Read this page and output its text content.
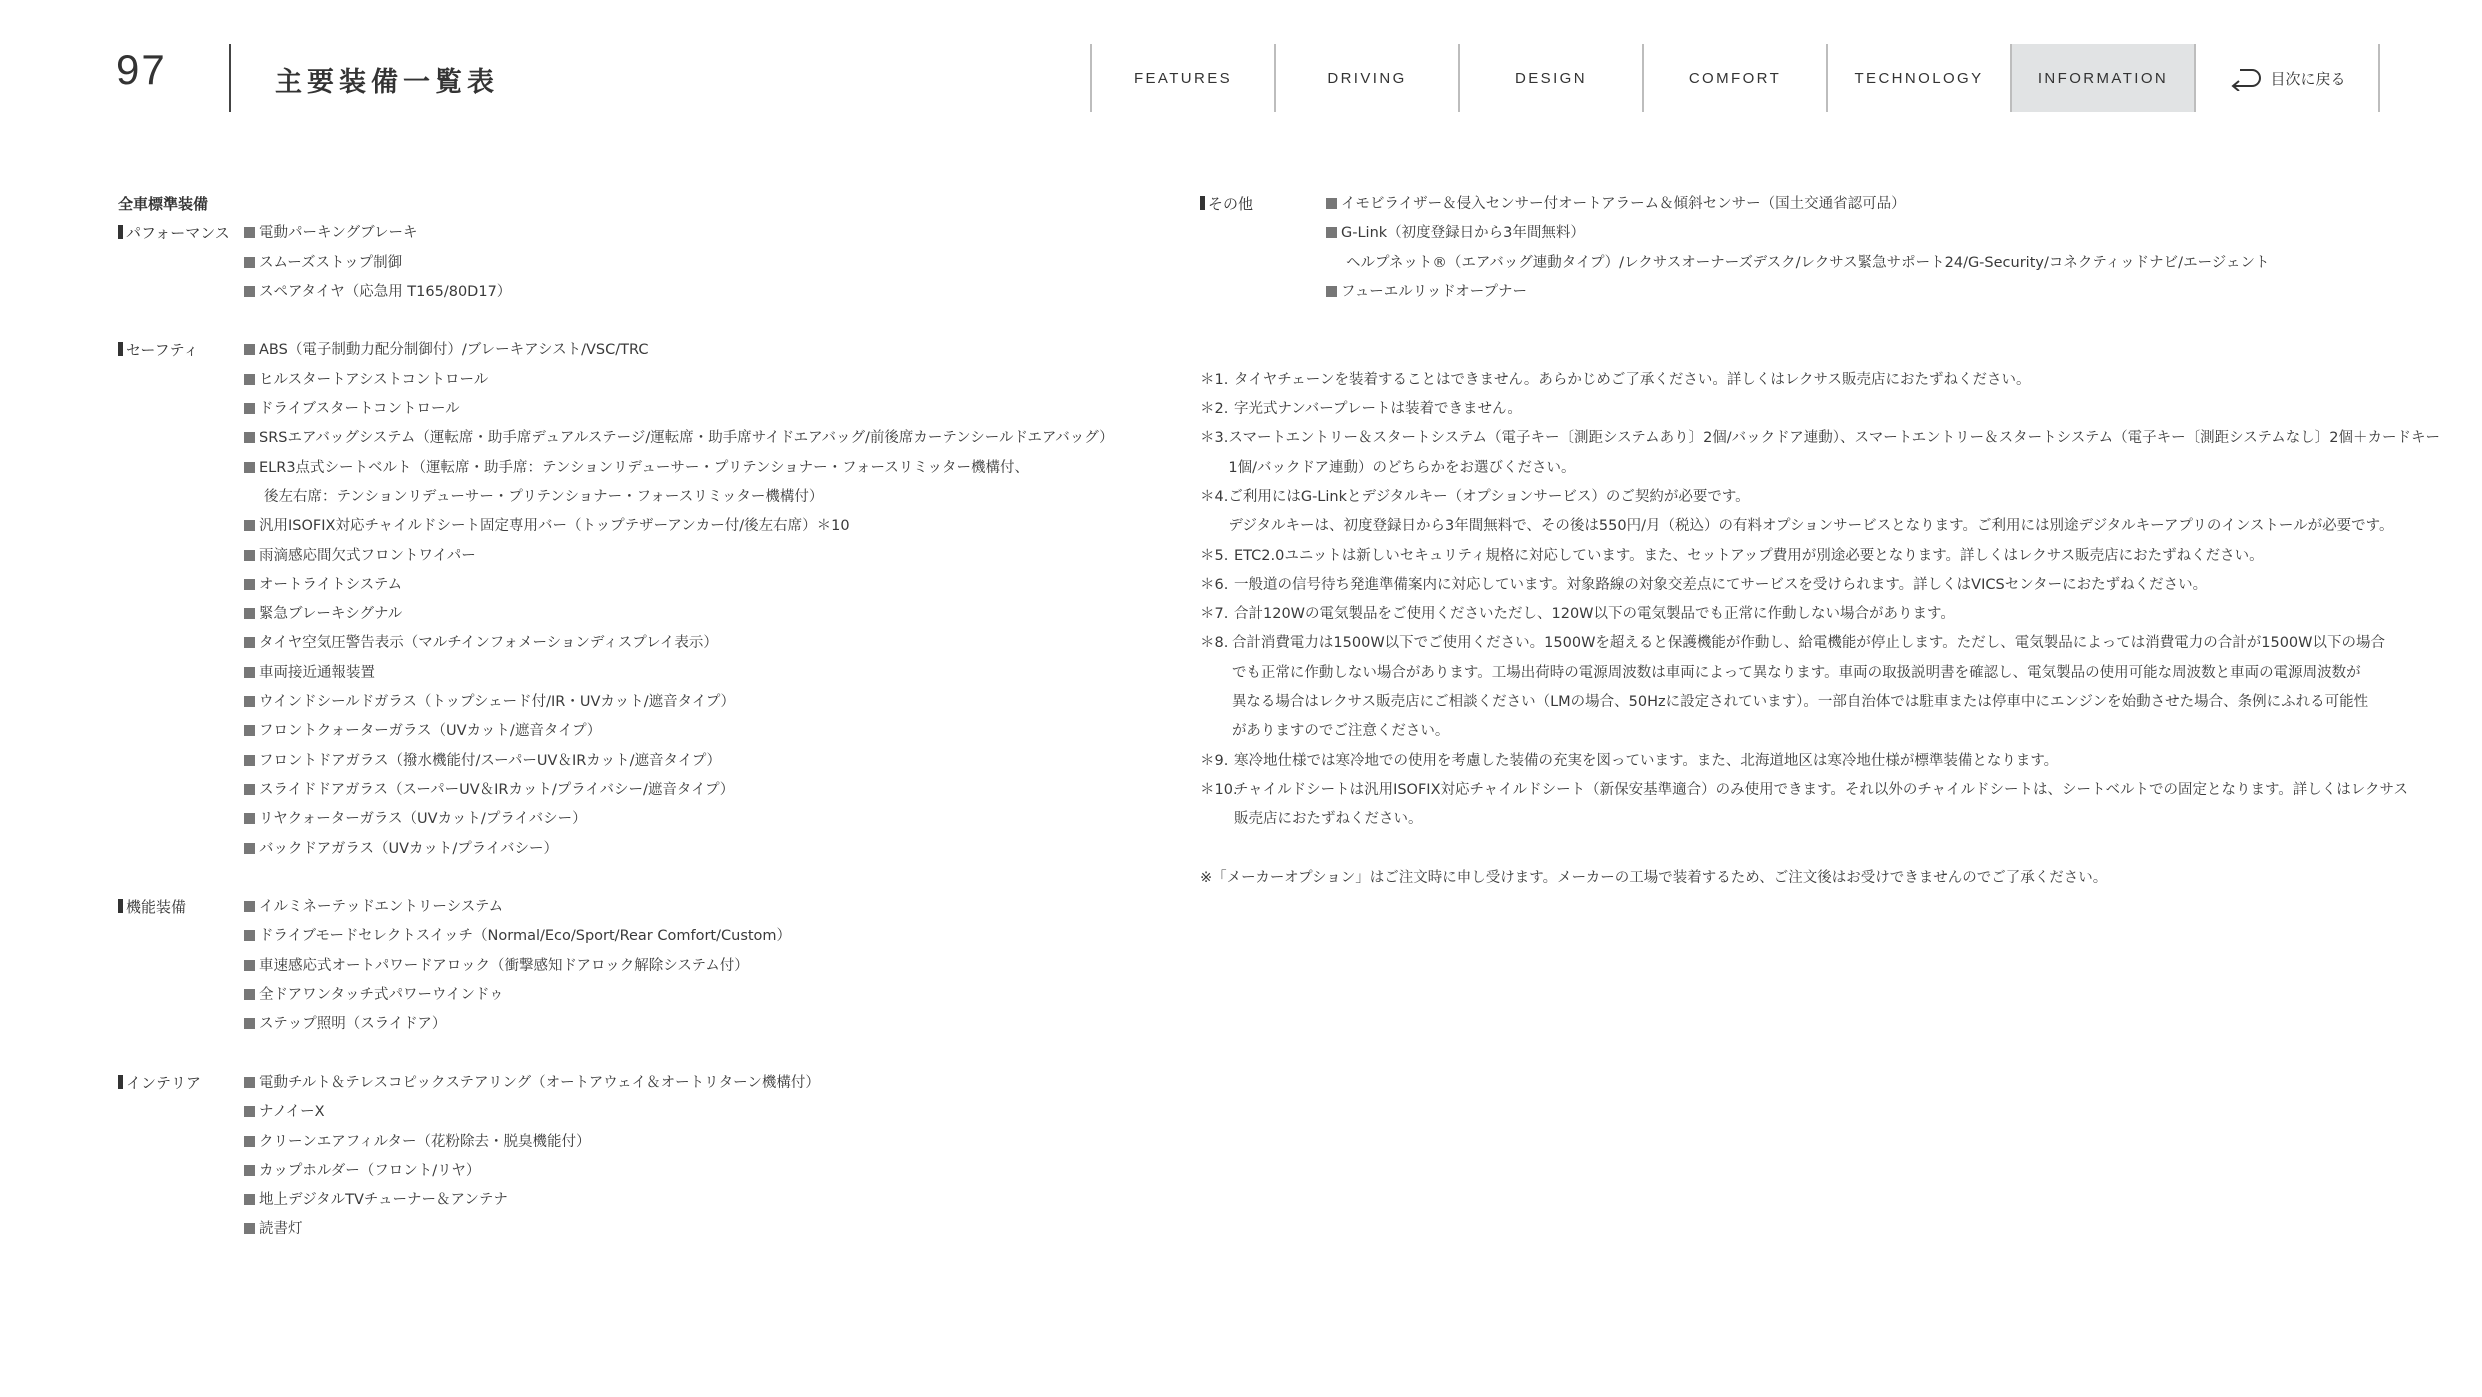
97	主要装備一覧表	FEATURES	DRIVING	DESIGN	COMFORT	TECHNOLOGY	INFORMATION	目次に戻る
全車標準装備
パフォーマンス	電動パーキングブレーキ
スムーズストップ制御
スペアタイヤ（応急用 T165/80D17）
セーフティ	ABS（電子制動力配分制御付）/ブレーキアシスト/VSC/TRC
ヒルスタートアシストコントロール
ドライブスタートコントロール
SRSエアバッグシステム（運転席・助手席デュアルステージ/運転席・助手席サイドエアバッグ/前後席カーテンシールドエアバッグ）
ELR3点式シートベルト（運転席・助手席：テンションリデューサー・プリテンショナー・フォースリミッター機構付、
後左右席：テンションリデューサー・プリテンショナー・フォースリミッター機構付）
汎用ISOFIX対応チャイルドシート固定専用バー（トップテザーアンカー付/後左右席）＊10
雨滴感応間欠式フロントワイパー
オートライトシステム
緊急ブレーキシグナル
タイヤ空気圧警告表示（マルチインフォメーションディスプレイ表示）
車両接近通報装置
ウインドシールドガラス（トップシェード付/IR・UVカット/遮音タイプ）
フロントクォーターガラス（UVカット/遮音タイプ）
フロントドアガラス（撥水機能付/スーパーUV＆IRカット/遮音タイプ）
スライドドアガラス（スーパーUV＆IRカット/プライバシー/遮音タイプ）
リヤクォーターガラス（UVカット/プライバシー）
バックドアガラス（UVカット/プライバシー）
機能装備	イルミネーテッドエントリーシステム
ドライブモードセレクトスイッチ（Normal/Eco/Sport/Rear Comfort/Custom）
車速感応式オートパワードアロック（衝撃感知ドアロック解除システム付）
全ドアワンタッチ式パワーウインドゥ
ステップ照明（スライドア）
インテリア	電動チルト＆テレスコピックステアリング（オートアウェイ＆オートリターン機構付）
ナノイーX
クリーンエアフィルター（花粉除去・脱臭機能付）
カップホルダー（フロント/リヤ）
地上デジタルTVチューナー＆アンテナ
読書灯
その他	イモビライザー＆侵入センサー付オートアラーム＆傾斜センサー（国土交通省認可品）
G-Link（初度登録日から3年間無料）
ヘルプネット®（エアバッグ連動タイプ）/レクサスオーナーズデスク/レクサス緊急サポート24/G-Security/コネクティッドナビ/エージェント
フューエルリッドオープナー
＊1. タイヤチェーンを装着することはできません。あらかじめご了承ください。詳しくはレクサス販売店におたずねください。
＊2. 字光式ナンバープレートは装着できません。
＊3. スマートエントリー＆スタートシステム（電子キー〔測距システムあり〕2個/バックドア連動）、スマートエントリー＆スタートシステム（電子キー〔測距システムなし〕2個＋カードキー
1個/バックドア連動）のどちらかをお選びください。
＊4. ご利用にはG-Linkとデジタルキー（オプションサービス）のご契約が必要です。
デジタルキーは、初度登録日から3年間無料で、その後は550円/月（税込）の有料オプションサービスとなります。ご利用には別途デジタルキーアプリのインストールが必要です。
＊5. ETC2.0ユニットは新しいセキュリティ規格に対応しています。また、セットアップ費用が別途必要となります。詳しくはレクサス販売店におたずねください。
＊6. 一般道の信号待ち発進準備案内に対応しています。対象路線の対象交差点にてサービスを受けられます。詳しくはVICSセンターにおたずねください。
＊7. 合計120Wの電気製品をご使用くださいただし、120W以下の電気製品でも正常に作動しない場合があります。
＊8. 合計消費電力は1500W以下でご使用ください。1500Wを超えると保護機能が作動し、給電機能が停止します。ただし、電気製品によっては消費電力の合計が1500W以下の場合
でも正常に作動しない場合があります。工場出荷時の電源周波数は車両によって異なります。車両の取扱説明書を確認し、電気製品の使用可能な周波数と車両の電源周波数が
異なる場合はレクサス販売店にご相談ください（LMの場合、50Hzに設定されています）。一部自治体では駐車または停車中にエンジンを始動させた場合、条例にふれる可能性
がありますのでご注意ください。
＊9. 寒冷地仕様では寒冷地での使用を考慮した装備の充実を図っています。また、北海道地区は寒冷地仕様が標準装備となります。
＊10.
チャイルドシートは汎用ISOFIX対応チャイルドシート（新保安基準適合）のみ使用できます。それ以外のチャイルドシートは、シートベルトでの固定となります。詳しくはレクサス
販売店におたずねください。
※「メーカーオプション」はご注文時に申し受けます。メーカーの工場で装着するため、ご注文後はお受けできませんのでご了承ください。
